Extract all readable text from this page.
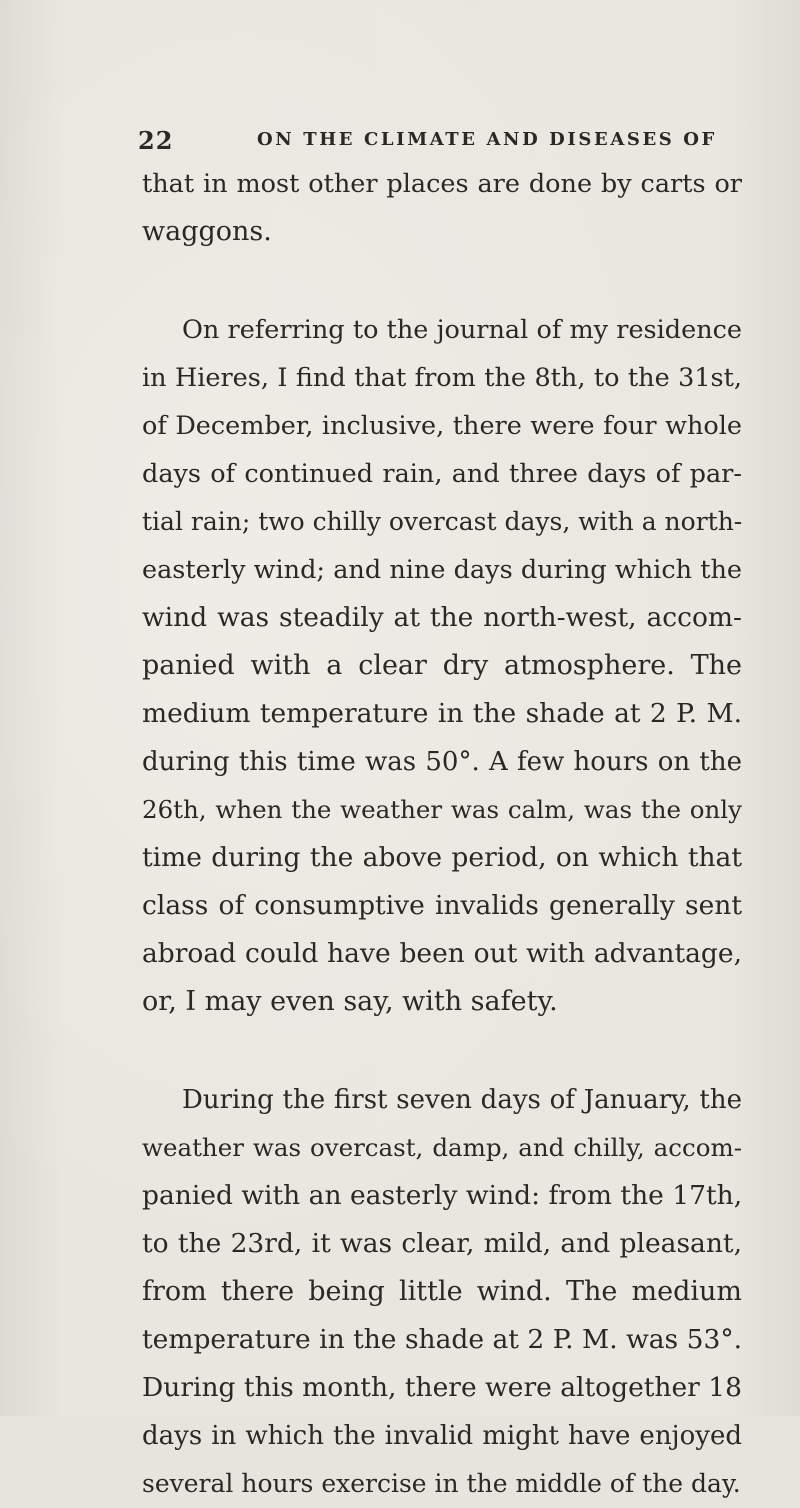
22	ON THE CLIMATE AND DISEASES OF
that in most other places are done by carts or
waggons.
On referring to the journal of my residence
in Hieres, I find that from the 8th, to the 31st,
of December, inclusive, there were four whole
days of continued rain, and three days of par-
tial rain; two chilly overcast days, with a north-
easterly wind; and nine days during which the
wind was steadily at the north-west, accom-
panied with a clear dry atmosphere. The
medium temperature in the shade at 2 P. M.
during this time was 50°. A few hours on the
26th, when the weather was calm, was the only
time during the above period, on which that
class of consumptive invalids generally sent
abroad could have been out with advantage,
or, I may even say, with safety.
During the first seven days of January, the
weather was overcast, damp, and chilly, accom-
panied with an easterly wind: from the 17th,
to the 23rd, it was clear, mild, and pleasant,
from there being little wind. The medium
temperature in the shade at 2 P. M. was 53°.
During this month, there were altogether 18
days in which the invalid might have enjoyed
several hours exercise in the middle of the day.
